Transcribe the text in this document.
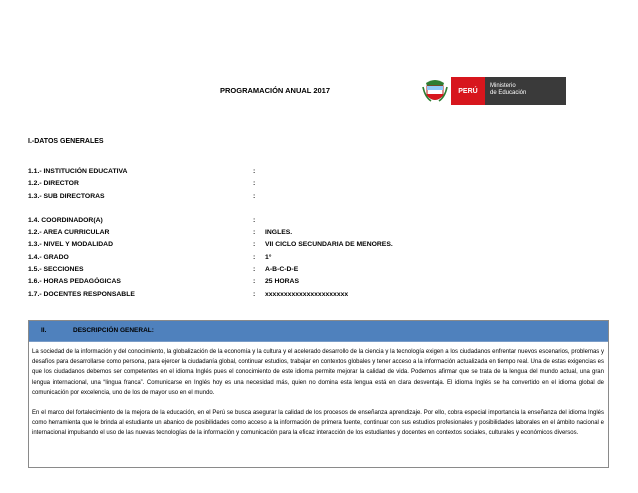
PROGRAMACIÓN ANUAL 2017	PERÚ
Ministerio
de Educación
I.-DATOS GENERALES
1.1.- INSTITUCIÓN EDUCATIVA	:
1.2.- DIRECTOR	:
1.3.- SUB DIRECTORAS	:
1.4. COORDINADOR(A)	:
1.2.- AREA CURRICULAR	: INGLES.
1.3.- NIVEL Y MODALIDAD	: VII CICLO SECUNDARIA DE MENORES.
1.4.- GRADO	: 1°
1.5.- SECCIONES	: A-B-C-D-E
1.6.- HORAS PEDAGÓGICAS	: 25 HORAS
1.7.- DOCENTES RESPONSABLE	: xxxxxxxxxxxxxxxxxxxxxx
II.	DESCRIPCIÓN GENERAL:

La sociedad de la información y del conocimiento, la globalización de la economía y la cultura y el acelerado desarrollo de la ciencia y la tecnología exigen a los ciudadanos enfrentar nuevos escenarios, problemas y desafíos para desarrollarse como persona, para ejercer la ciudadanía global, continuar estudios, trabajar en contextos globales y tener acceso a la información actualizada en tiempo real. Una de estas exigencias es que los ciudadanos debemos ser competentes en el idioma Inglés pues el conocimiento de este idioma permite mejorar la calidad de vida. Podemos afirmar que se trata de la lengua del mundo actual, una gran lengua internacional, una “lingua franca”. Comunicarse en Inglés hoy es una necesidad más, quien no domina esta lengua está en clara desventaja. El idioma Inglés se ha convertido en el idioma global de comunicación por excelencia, uno de los de mayor uso en el mundo.

En el marco del fortalecimiento de la mejora de la educación, en el Perú se busca asegurar la calidad de los procesos de enseñanza aprendizaje. Por ello, cobra especial importancia la enseñanza del idioma Inglés como herramienta que le brinda al estudiante un abanico de posibilidades como acceso a la información de primera fuente, continuar con sus estudios profesionales y posibilidades laborales en el ámbito nacional e internacional impulsando el uso de las nuevas tecnologías de la información y comunicación para la eficaz interacción de los estudiantes y docentes en contextos sociales, culturales y económicos diversos.
